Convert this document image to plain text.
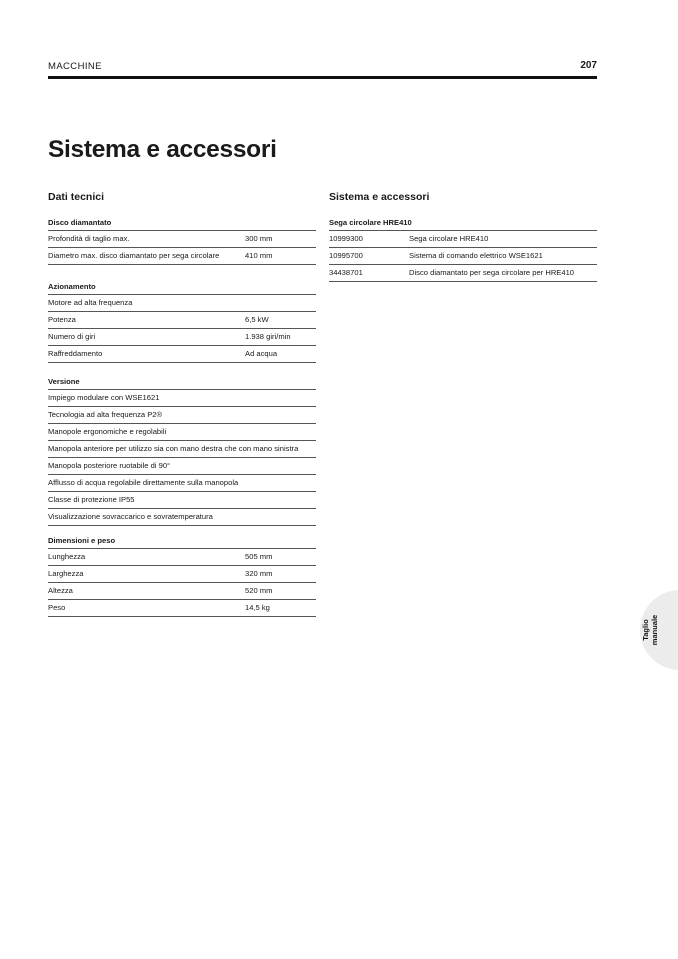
MACCHINE	207
Sistema e accessori
Dati tecnici	Sistema e accessori
Disco diamantato
Profondità di taglio max.	300 mm
Diametro max. disco diamantato per sega circolare	410 mm
Azionamento
Motore ad alta frequenza
Potenza	6,5 kW
Numero di giri	1.938 giri/min
Raffreddamento	Ad acqua
Versione
Impiego modulare con WSE1621
Tecnologia ad alta frequenza P2®
Manopole ergonomiche e regolabili
Manopola anteriore per utilizzo sia con mano destra che con mano sinistra
Manopola posteriore ruotabile di 90°
Afflusso di acqua regolabile direttamente sulla manopola
Classe di protezione IP55
Visualizzazione sovraccarico e sovratemperatura
Dimensioni e peso
Lunghezza	505 mm
Larghezza	320 mm
Altezza	520 mm
Peso	14,5 kg
Sega circolare HRE410
10999300	Sega circolare HRE410
10995700	Sistema di comando elettrico WSE1621
34438701	Disco diamantato per sega circolare per HRE410
Taglio manuale
